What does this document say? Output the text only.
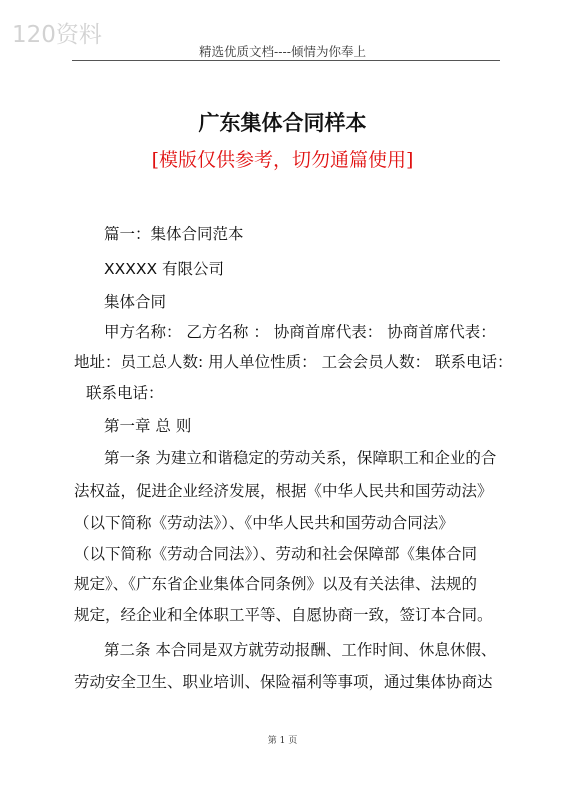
120资料
精选优质文档----倾情为你奉上
广东集体合同样本
[模版仅供参考，切勿通篇使用]
篇一：集体合同范本
XXXXX 有限公司
集体合同
甲方名称： 乙方名称 ： 协商首席代表： 协商首席代表：
地址：员工总人数: 用人单位性质： 工会会员人数： 联系电话：
联系电话：
第一章 总 则
第一条 为建立和谐稳定的劳动关系，保障职工和企业的合
法权益，促进企业经济发展，根据《中华人民共和国劳动法》
（以下简称《劳动法》）、《中华人民共和国劳动合同法》
（以下简称《劳动合同法》）、劳动和社会保障部《集体合同
规定》、《广东省企业集体合同条例》以及有关法律、法规的
规定，经企业和全体职工平等、自愿协商一致，签订本合同。
第二条 本合同是双方就劳动报酬、工作时间、休息休假、
劳动安全卫生、职业培训、保险福利等事项，通过集体协商达
第 1 页
